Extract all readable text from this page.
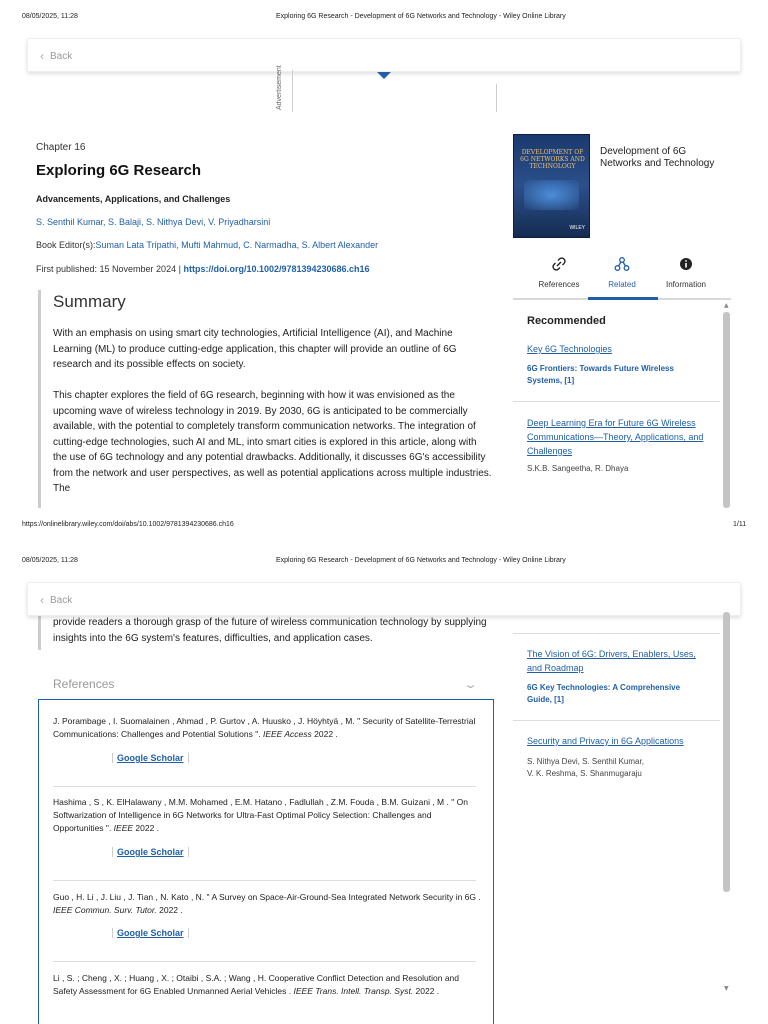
08/05/2025, 11:28	Exploring 6G Research - Development of 6G Networks and Technology - Wiley Online Library
‹ Back
Advertisement
Chapter 16
Exploring 6G Research
Advancements, Applications, and Challenges
S. Senthil Kumar, S. Balaji, S. Nithya Devi, V. Priyadharsini
Book Editor(s):Suman Lata Tripathi, Mufti Mahmud, C. Narmadha, S. Albert Alexander
First published: 15 November 2024 | https://doi.org/10.1002/9781394230686.ch16
Summary
With an emphasis on using smart city technologies, Artificial Intelligence (AI), and Machine Learning (ML) to produce cutting-edge application, this chapter will provide an outline of 6G research and its possible effects on society.
This chapter explores the field of 6G research, beginning with how it was envisioned as the upcoming wave of wireless technology in 2019. By 2030, 6G is anticipated to be commercially available, with the potential to completely transform communication networks. The integration of cutting-edge technologies, such AI and ML, into smart cities is explored in this article, along with the use of 6G technology and any potential drawbacks. Additionally, it discusses 6G's accessibility from the network and user perspectives, as well as potential applications across multiple industries. The
DEVELOPMENT OF 6G NETWORKS AND TECHNOLOGY
WILEY
Development of 6G Networks and Technology
References	Related	Information
Recommended
Key 6G Technologies
6G Frontiers: Towards Future Wireless Systems, [1]
Deep Learning Era for Future 6G Wireless Communications—Theory, Applications, and Challenges
S.K.B. Sangeetha, R. Dhaya
▲
https://onlinelibrary.wiley.com/doi/abs/10.1002/9781394230686.ch16	1/11
08/05/2025, 11:28	Exploring 6G Research - Development of 6G Networks and Technology - Wiley Online Library
provide readers a thorough grasp of the future of wireless communication technology by supplying insights into the 6G system's features, difficulties, and application cases.
‹ Back
The Vision of 6G: Drivers, Enablers, Uses, and Roadmap
6G Key Technologies: A Comprehensive Guide, [1]
Security and Privacy in 6G Applications
S. Nithya Devi, S. Senthil Kumar,
V. K. Reshma, S. Shanmugaraju
▼
References	⌄
J. Porambage , I. Suomalainen , Ahmad , P. Gurtov , A. Huusko , J. Höyhtyä , M. " Security of Satellite-Terrestrial Communications: Challenges and Potential Solutions ". IEEE Access 2022 .
Google Scholar
Hashima , S , K. ElHalawany , M.M. Mohamed , E.M. Hatano , Fadlullah , Z.M. Fouda , B.M. Guizani , M . " On Softwarization of Intelligence in 6G Networks for Ultra-Fast Optimal Policy Selection: Challenges and Opportunities ". IEEE 2022 .
Google Scholar
Guo , H. Li , J. Liu , J. Tian , N. Kato , N. " A Survey on Space-Air-Ground-Sea Integrated Network Security in 6G . IEEE Commun. Surv. Tutor. 2022 .
Google Scholar
Li , S. ; Cheng , X. ; Huang , X. ; Otaibi , S.A. ; Wang , H. Cooperative Conflict Detection and Resolution and Safety Assessment for 6G Enabled Unmanned Aerial Vehicles . IEEE Trans. Intell. Transp. Syst. 2022 .
